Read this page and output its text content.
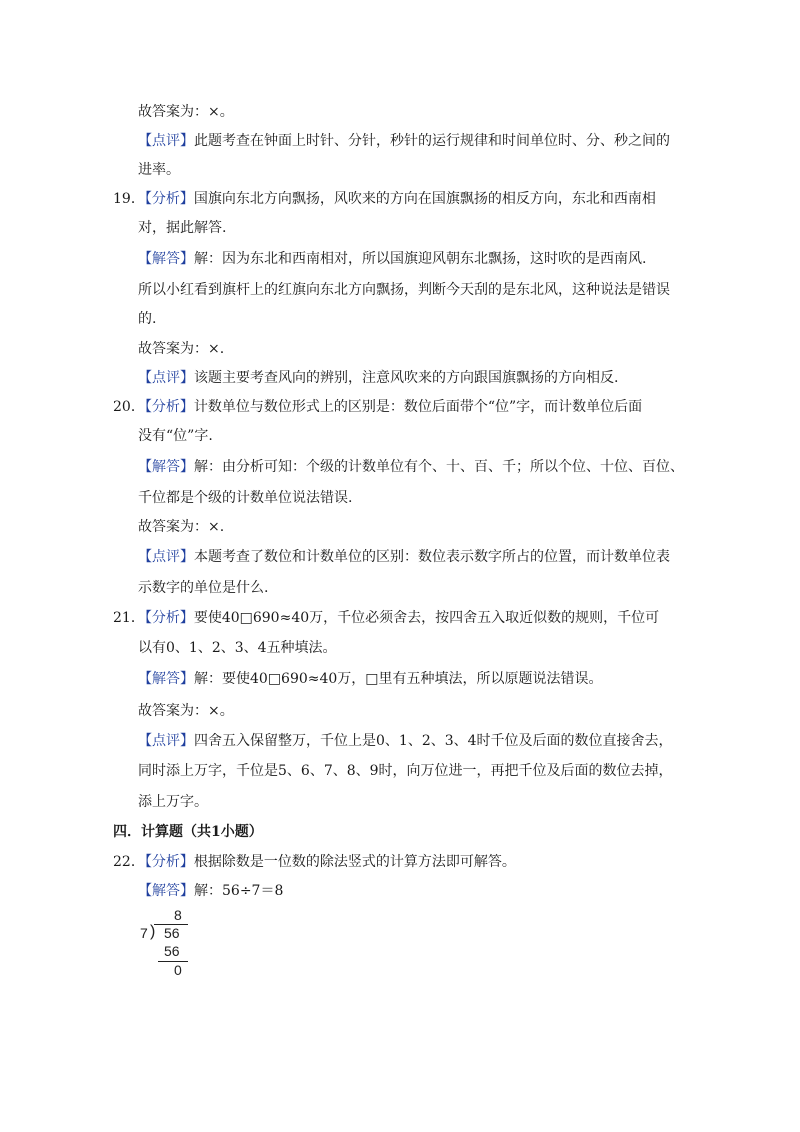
故答案为：×。
【点评】此题考查在钟面上时针、分针，秒针的运行规律和时间单位时、分、秒之间的
进率。
19．【分析】国旗向东北方向飘扬，风吹来的方向在国旗飘扬的相反方向，东北和西南相
对，据此解答.
【解答】解：因为东北和西南相对，所以国旗迎风朝东北飘扬，这时吹的是西南风.
所以小红看到旗杆上的红旗向东北方向飘扬，判断今天刮的是东北风，这种说法是错误
的.
故答案为：×.
【点评】该题主要考查风向的辨别，注意风吹来的方向跟国旗飘扬的方向相反.
20．【分析】计数单位与数位形式上的区别是：数位后面带个“位”字，而计数单位后面
没有“位”字.
【解答】解：由分析可知：个级的计数单位有个、十、百、千；所以个位、十位、百位、
千位都是个级的计数单位说法错误.
故答案为：×.
【点评】本题考查了数位和计数单位的区别：数位表示数字所占的位置，而计数单位表
示数字的单位是什么.
21．【分析】要使40□690≈40万，千位必须舍去，按四舍五入取近似数的规则，千位可
以有0、1、2、3、4五种填法。
【解答】解：要使40□690≈40万，□里有五种填法，所以原题说法错误。
故答案为：×。
【点评】四舍五入保留整万，千位上是0、1、2、3、4时千位及后面的数位直接舍去，
同时添上万字，千位是5、6、7、8、9时，向万位进一，再把千位及后面的数位去掉，
添上万字。
四．计算题（共1小题）
22．【分析】根据除数是一位数的除法竖式的计算方法即可解答。
【解答】解：56÷7＝8
8
7 ) 56
56
0
